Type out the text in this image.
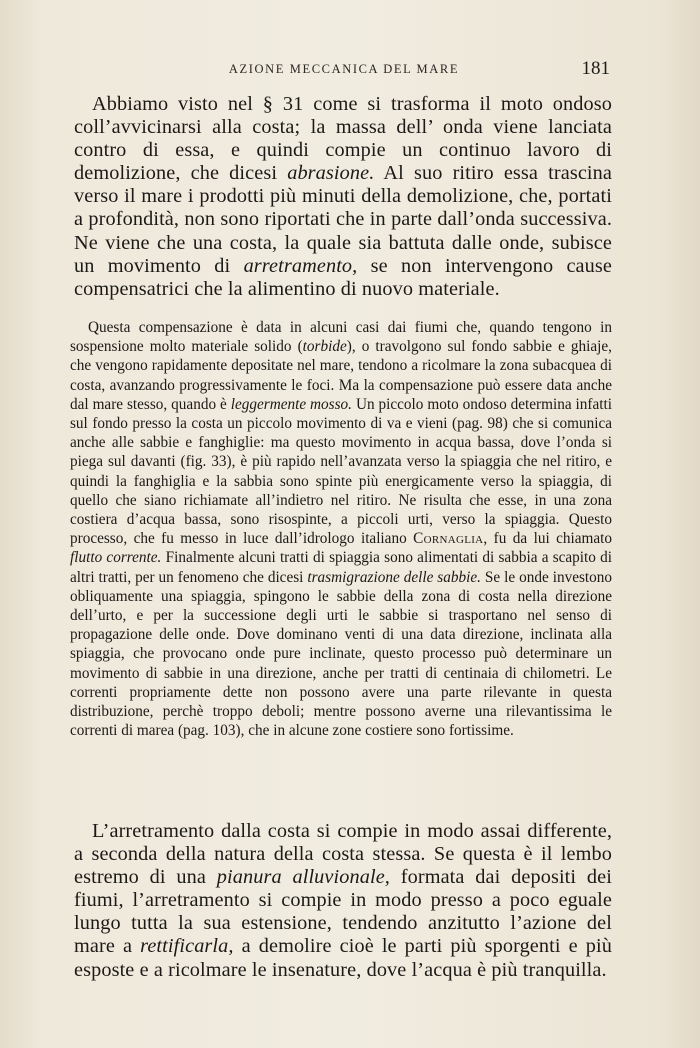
AZIONE MECCANICA DEL MARE	181

Abbiamo visto nel § 31 come si trasforma il moto ondoso coll’avvicinarsi alla costa; la massa dell’ onda viene lanciata contro di essa, e quindi compie un continuo lavoro di demolizione, che dicesi abrasione. Al suo ritiro essa trascina verso il mare i prodotti più minuti della demolizione, che, portati a profondità, non sono riportati che in parte dall’onda successiva. Ne viene che una costa, la quale sia battuta dalle onde, subisce un movimento di arretramento, se non intervengono cause compensatrici che la alimentino di nuovo materiale.

Questa compensazione è data in alcuni casi dai fiumi che, quando tengono in sospensione molto materiale solido (torbide), o travolgono sul fondo sabbie e ghiaje, che vengono rapidamente depositate nel mare, tendono a ricolmare la zona subacquea di costa, avanzando progressivamente le foci. Ma la compensazione può essere data anche dal mare stesso, quando è leggermente mosso. Un piccolo moto ondoso determina infatti sul fondo presso la costa un piccolo movimento di va e vieni (pag. 98) che si comunica anche alle sabbie e fanghiglie: ma questo movimento in acqua bassa, dove l’onda si piega sul davanti (fig. 33), è più rapido nell’avanzata verso la spiaggia che nel ritiro, e quindi la fanghiglia e la sabbia sono spinte più energicamente verso la spiaggia, di quello che siano richiamate all’indietro nel ritiro. Ne risulta che esse, in una zona costiera d’acqua bassa, sono risospinte, a piccoli urti, verso la spiaggia. Questo processo, che fu messo in luce dall’idrologo italiano Cornaglia, fu da lui chiamato flutto corrente. Finalmente alcuni tratti di spiaggia sono alimentati di sabbia a scapito di altri tratti, per un fenomeno che dicesi trasmigrazione delle sabbie. Se le onde investono obliquamente una spiaggia, spingono le sabbie della zona di costa nella direzione dell’urto, e per la successione degli urti le sabbie si trasportano nel senso di propagazione delle onde. Dove dominano venti di una data direzione, inclinata alla spiaggia, che provocano onde pure inclinate, questo processo può determinare un movimento di sabbie in una direzione, anche per tratti di centinaia di chilometri. Le correnti propriamente dette non possono avere una parte rilevante in questa distribuzione, perchè troppo deboli; mentre possono averne una rilevantissima le correnti di marea (pag. 103), che in alcune zone costiere sono fortissime.

L’arretramento dalla costa si compie in modo assai differente, a seconda della natura della costa stessa. Se questa è il lembo estremo di una pianura alluvionale, formata dai depositi dei fiumi, l’arretramento si compie in modo presso a poco eguale lungo tutta la sua estensione, tendendo anzitutto l’azione del mare a rettificarla, a demolire cioè le parti più sporgenti e più esposte e a ricolmare le insenature, dove l’acqua è più tranquilla.
